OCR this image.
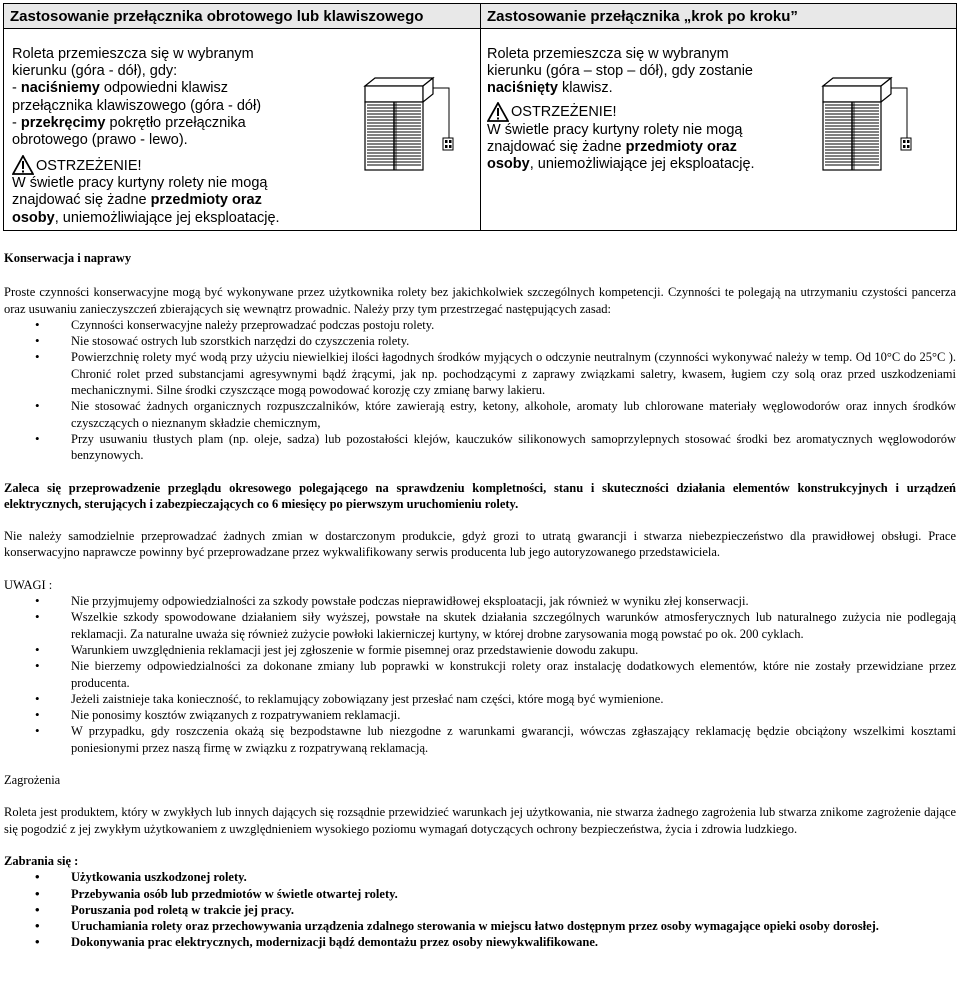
Zastosowanie przełącznika obrotowego lub klawiszowego
Roleta przemieszcza się w wybranym
kierunku (góra - dół), gdy:
- naciśniemy odpowiedni klawisz
przełącznika klawiszowego (góra - dół)
- przekręcimy pokrętło przełącznika
obrotowego (prawo - lewo).
OSTRZEŻENIE!
W świetle pracy kurtyny rolety nie mogą
znajdować się żadne przedmioty oraz
osoby, uniemożliwiające jej eksploatację.
Zastosowanie przełącznika „krok po kroku”
Roleta przemieszcza się w wybranym
kierunku (góra – stop – dół), gdy zostanie
naciśnięty klawisz.
OSTRZEŻENIE!
W świetle pracy kurtyny rolety nie mogą
znajdować się żadne przedmioty oraz
osoby, uniemożliwiające jej eksploatację.
Konserwacja i naprawy
Proste czynności konserwacyjne mogą być wykonywane przez użytkownika rolety bez jakichkolwiek szczególnych kompetencji. Czynności te polegają na utrzymaniu czystości pancerza oraz usuwaniu zanieczyszczeń zbierających się wewnątrz prowadnic. Należy przy tym przestrzegać następujących zasad:
• Czynności konserwacyjne należy przeprowadzać podczas postoju rolety.
• Nie stosować ostrych lub szorstkich narzędzi do czyszczenia rolety.
• Powierzchnię rolety myć wodą przy użyciu niewielkiej ilości łagodnych środków myjących o odczynie neutralnym (czynności wykonywać należy w temp. Od 10°C do 25°C ). Chronić rolet przed substancjami agresywnymi bądź żrącymi, jak np. pochodzącymi z zaprawy związkami saletry, kwasem, ługiem czy solą oraz przed uszkodzeniami mechanicznymi. Silne środki czyszczące mogą powodować korozję czy zmianę barwy lakieru.
• Nie stosować żadnych organicznych rozpuszczalników, które zawierają estry, ketony, alkohole, aromaty lub chlorowane materiały węglowodorów oraz innych środków czyszczących o nieznanym składzie chemicznym,
• Przy usuwaniu tłustych plam (np. oleje, sadza) lub pozostałości klejów, kauczuków silikonowych samoprzylepnych stosować środki bez aromatycznych węglowodorów benzynowych.
Zaleca się przeprowadzenie przeglądu okresowego polegającego na sprawdzeniu kompletności, stanu i skuteczności działania elementów konstrukcyjnych i urządzeń elektrycznych, sterujących i zabezpieczających co 6 miesięcy po pierwszym uruchomieniu rolety.
Nie należy samodzielnie przeprowadzać żadnych zmian w dostarczonym produkcie, gdyż grozi to utratą gwarancji i stwarza niebezpieczeństwo dla prawidłowej obsługi. Prace konserwacyjno naprawcze powinny być przeprowadzane przez wykwalifikowany serwis producenta lub jego autoryzowanego przedstawiciela.
UWAGI :
• Nie przyjmujemy odpowiedzialności za szkody powstałe podczas nieprawidłowej eksploatacji, jak również w wyniku złej konserwacji.
• Wszelkie szkody spowodowane działaniem siły wyższej, powstałe na skutek działania szczególnych warunków atmosferycznych lub naturalnego zużycia nie podlegają reklamacji. Za naturalne uważa się również zużycie powłoki lakierniczej kurtyny, w której drobne zarysowania mogą powstać po ok. 200 cyklach.
• Warunkiem uwzględnienia reklamacji jest jej zgłoszenie w formie pisemnej oraz przedstawienie dowodu zakupu.
• Nie bierzemy odpowiedzialności za dokonane zmiany lub poprawki w konstrukcji rolety oraz instalację dodatkowych elementów, które nie zostały przewidziane przez producenta.
• Jeżeli zaistnieje taka konieczność, to reklamujący zobowiązany jest przesłać nam części, które mogą być wymienione.
• Nie ponosimy kosztów związanych z rozpatrywaniem reklamacji.
• W przypadku, gdy roszczenia okażą się bezpodstawne lub niezgodne z warunkami gwarancji, wówczas zgłaszający reklamację będzie obciążony wszelkimi kosztami poniesionymi przez naszą firmę w związku z rozpatrywaną reklamacją.
Zagrożenia
Roleta jest produktem, który w zwykłych lub innych dających się rozsądnie przewidzieć warunkach jej użytkowania, nie stwarza żadnego zagrożenia lub stwarza znikome zagrożenie dające się pogodzić z jej zwykłym użytkowaniem z uwzględnieniem wysokiego poziomu wymagań dotyczących ochrony bezpieczeństwa, życia i zdrowia ludzkiego.
Zabrania się :
• Użytkowania uszkodzonej rolety.
• Przebywania osób lub przedmiotów w świetle otwartej rolety.
• Poruszania pod roletą w trakcie jej pracy.
• Uruchamiania rolety oraz przechowywania urządzenia zdalnego sterowania w miejscu łatwo dostępnym przez osoby wymagające opieki osoby dorosłej.
• Dokonywania prac elektrycznych, modernizacji bądź demontażu przez osoby niewykwalifikowane.
